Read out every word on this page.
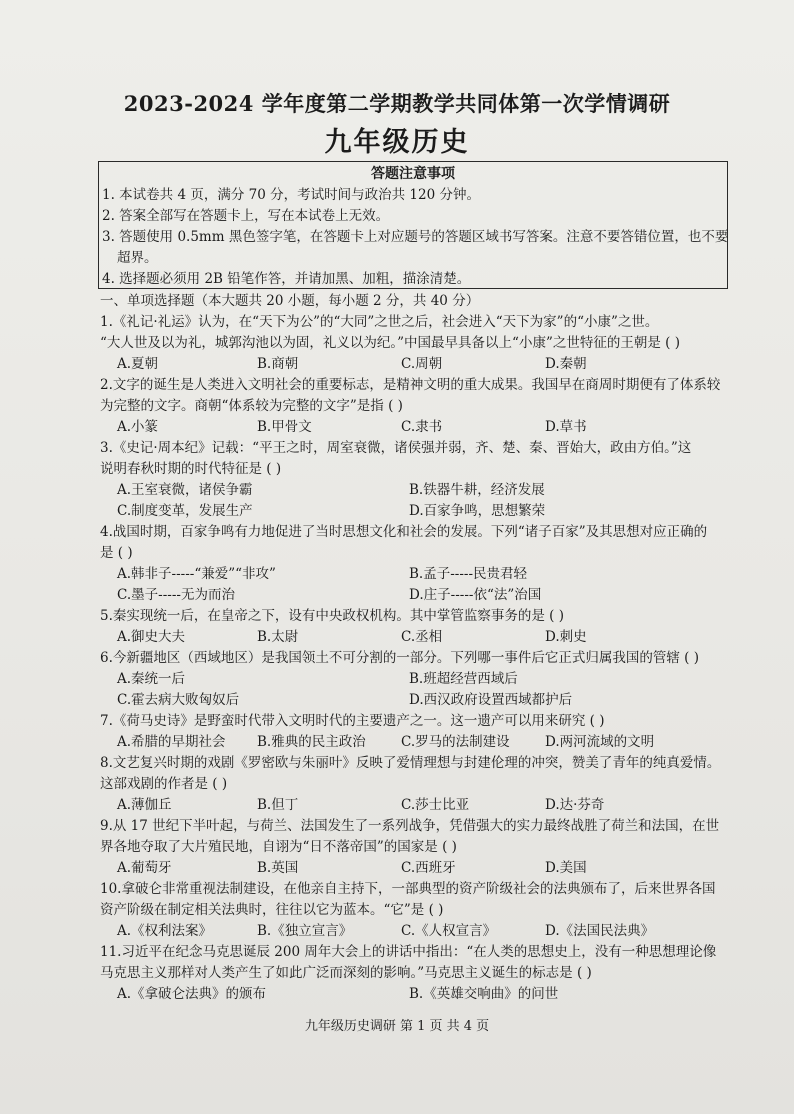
2023-2024 学年度第二学期教学共同体第一次学情调研
九年级历史
答题注意事项
1. 本试卷共 4 页，满分 70 分，考试时间与政治共 120 分钟。
2. 答案全部写在答题卡上，写在本试卷上无效。
3. 答题使用 0.5mm 黑色签字笔，在答题卡上对应题号的答题区域书写答案。注意不要答错位置，也不要
超界。
4. 选择题必须用 2B 铅笔作答，并请加黑、加粗，描涂清楚。
一、单项选择题（本大题共 20 小题，每小题 2 分，共 40 分）
1.《礼记·礼运》认为，在“天下为公”的“大同”之世之后，社会进入“天下为家”的“小康”之世。
“大人世及以为礼，城郭沟池以为固，礼义以为纪。”中国最早具备以上“小康”之世特征的王朝是 ( )
A.夏朝	B.商朝	C.周朝	D.秦朝
2.文字的诞生是人类进入文明社会的重要标志，是精神文明的重大成果。我国早在商周时期便有了体系较
为完整的文字。商朝“体系较为完整的文字”是指 ( )
A.小篆	B.甲骨文	C.隶书	D.草书
3.《史记·周本纪》记载：“平王之时，周室衰微，诸侯强并弱，齐、楚、秦、晋始大，政由方伯。”这
说明春秋时期的时代特征是 ( )
A.王室衰微，诸侯争霸	B.铁器牛耕，经济发展
C.制度变革，发展生产	D.百家争鸣，思想繁荣
4.战国时期，百家争鸣有力地促进了当时思想文化和社会的发展。下列“诸子百家”及其思想对应正确的
是 ( )
A.韩非子-----“兼爱”“非攻”	B.孟子-----民贵君轻
C.墨子-----无为而治	D.庄子-----依“法”治国
5.秦实现统一后，在皇帝之下，设有中央政权机构。其中掌管监察事务的是 ( )
A.御史大夫	B.太尉	C.丞相	D.刺史
6.今新疆地区（西域地区）是我国领土不可分割的一部分。下列哪一事件后它正式归属我国的管辖 ( )
A.秦统一后	B.班超经营西域后
C.霍去病大败匈奴后	D.西汉政府设置西域都护后
7.《荷马史诗》是野蛮时代带入文明时代的主要遗产之一。这一遗产可以用来研究 ( )
A.希腊的早期社会	B.雅典的民主政治	C.罗马的法制建设	D.两河流域的文明
8.文艺复兴时期的戏剧《罗密欧与朱丽叶》反映了爱情理想与封建伦理的冲突，赞美了青年的纯真爱情。
这部戏剧的作者是 ( )
A.薄伽丘	B.但丁	C.莎士比亚	D.达·芬奇
9.从 17 世纪下半叶起，与荷兰、法国发生了一系列战争，凭借强大的实力最终战胜了荷兰和法国，在世
界各地夺取了大片殖民地，自诩为“日不落帝国”的国家是 ( )
A.葡萄牙	B.英国	C.西班牙	D.美国
10.拿破仑非常重视法制建设，在他亲自主持下，一部典型的资产阶级社会的法典颁布了，后来世界各国
资产阶级在制定相关法典时，往往以它为蓝本。“它”是 ( )
A.《权利法案》	B.《独立宣言》	C.《人权宣言》	D.《法国民法典》
11.习近平在纪念马克思诞辰 200 周年大会上的讲话中指出：“在人类的思想史上，没有一种思想理论像
马克思主义那样对人类产生了如此广泛而深刻的影响。”马克思主义诞生的标志是 ( )
A.《拿破仑法典》的颁布	B.《英雄交响曲》的问世
九年级历史调研 第 1 页 共 4 页
